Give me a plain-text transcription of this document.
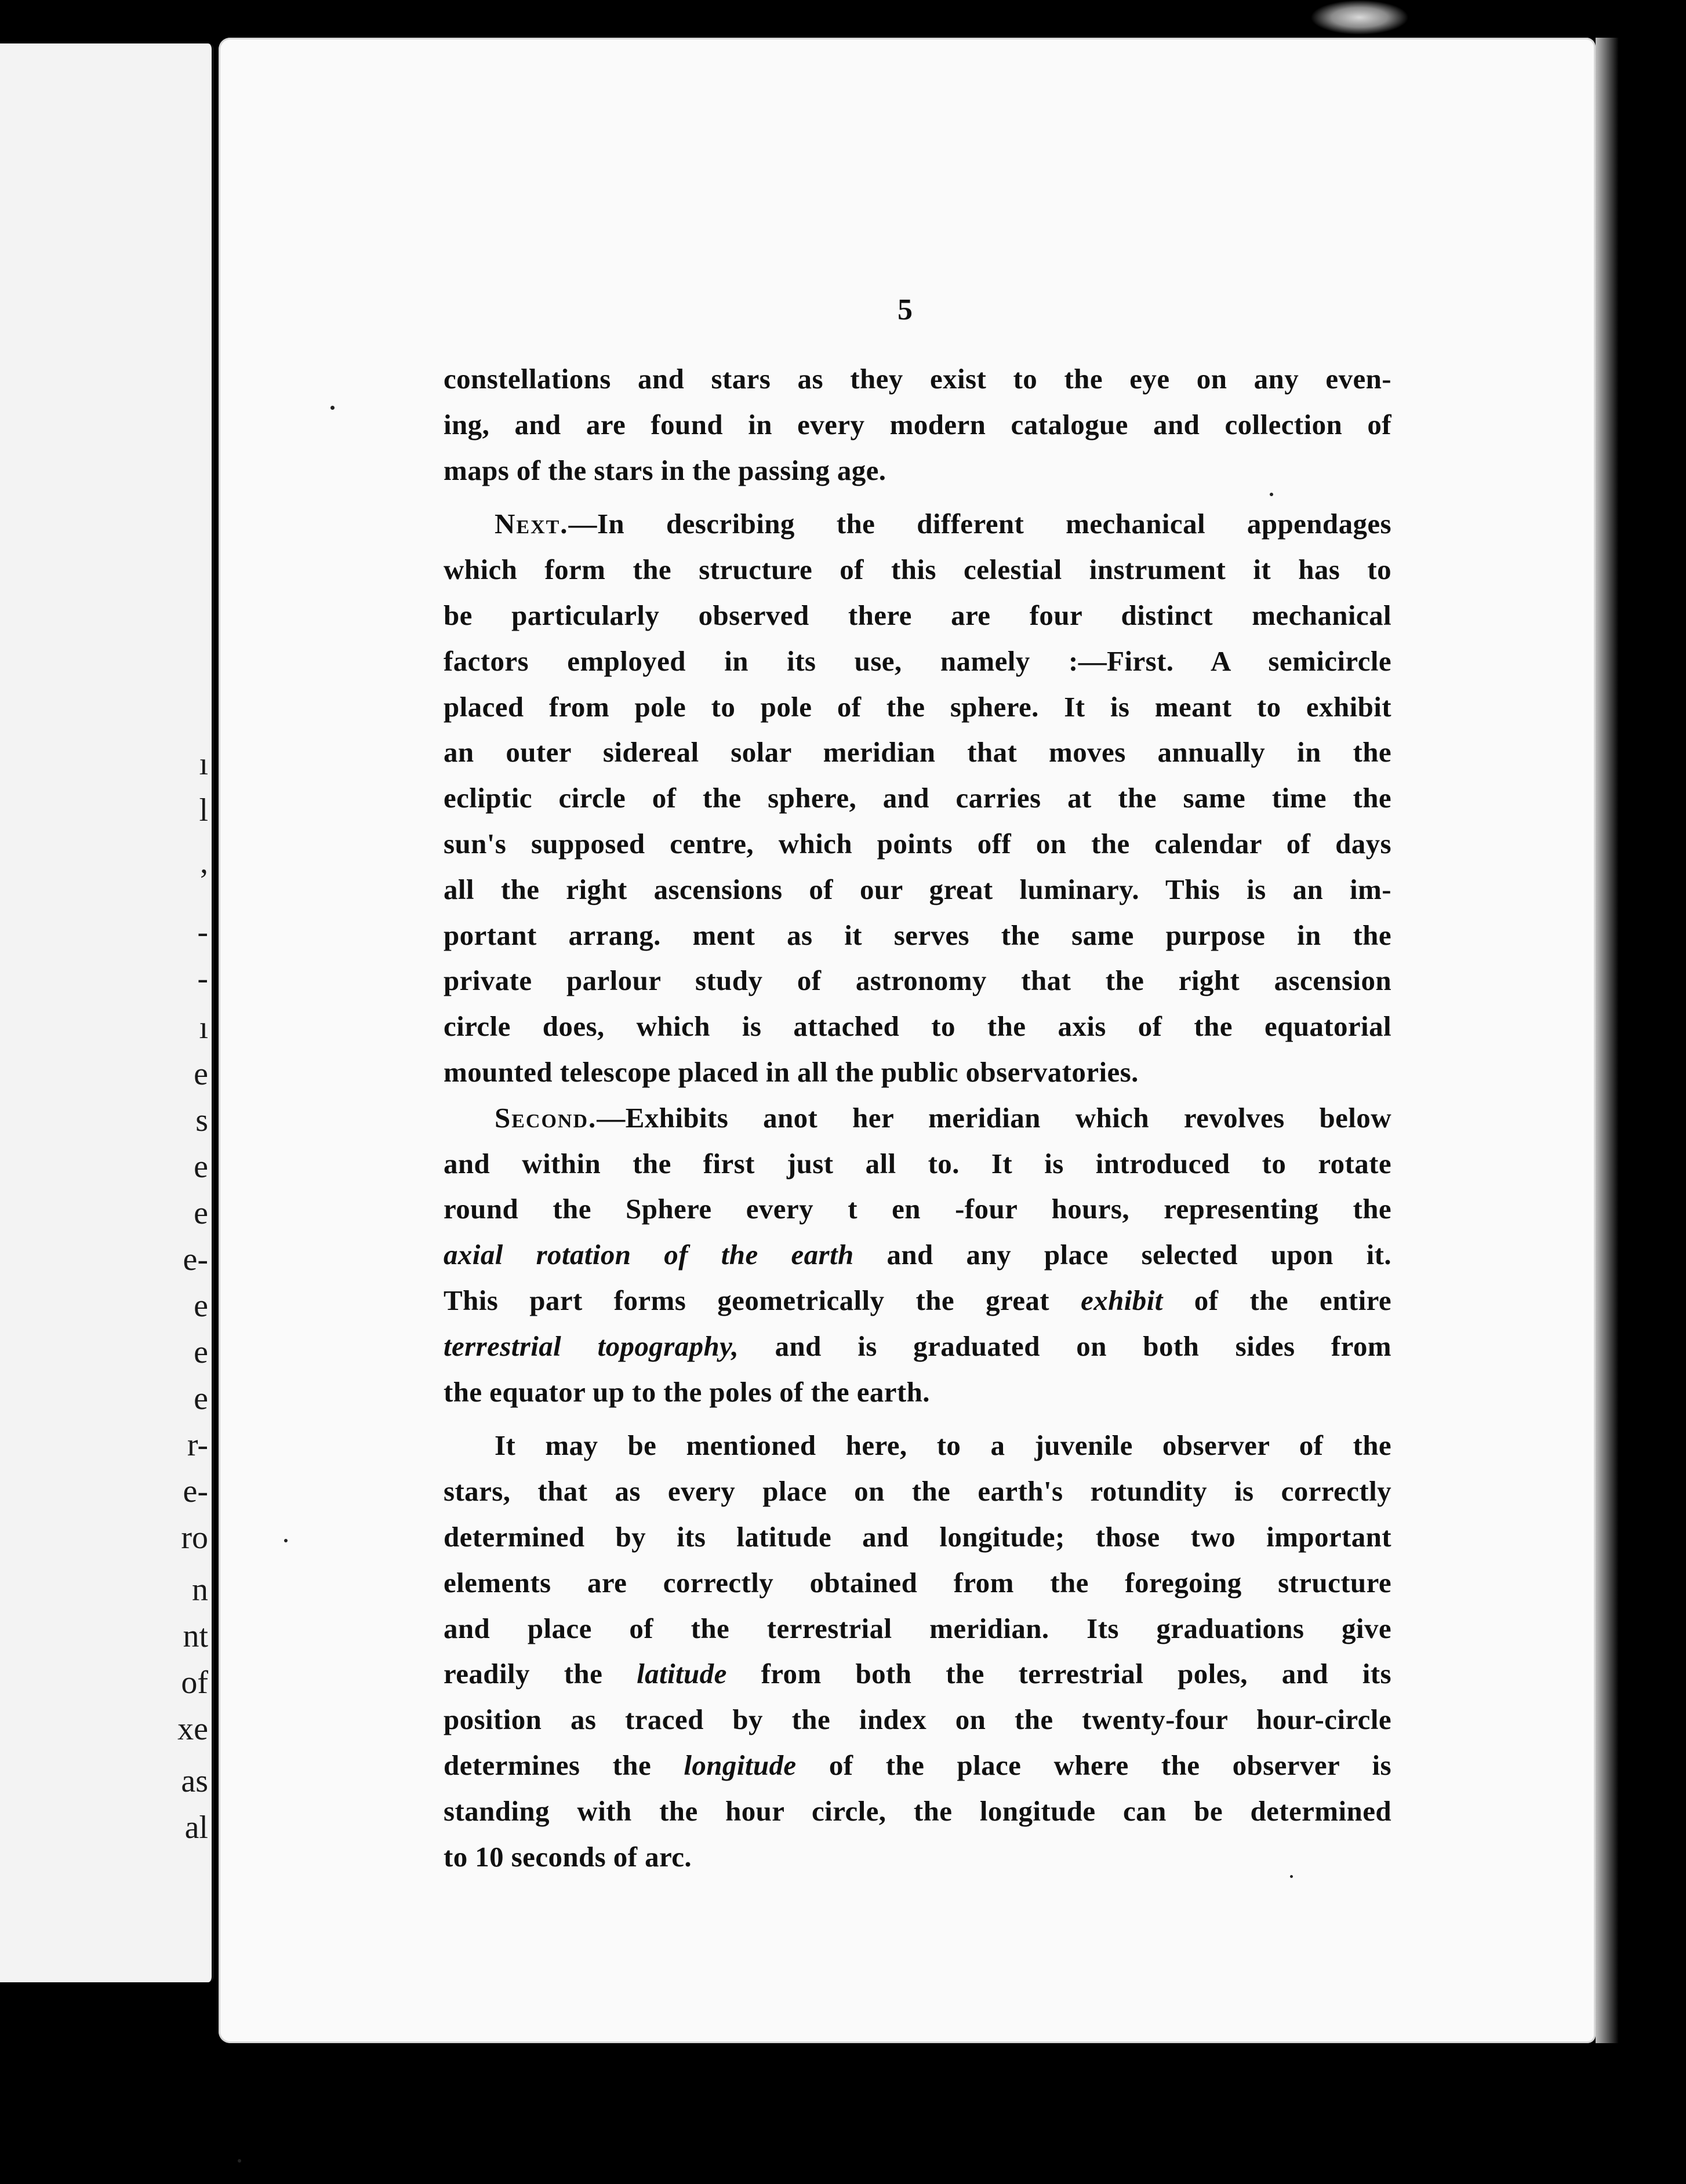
ı
l
,
-
-
ı
e
s
e
e
e-
e
e
e
r-
e-
ro
n
nt
of
xe
as
al
5

constellations and stars as they exist to the eye on any even-
ing, and are found in every modern catalogue and collection of
maps of the stars in the passing age.

Next.—In describing the different mechanical appendages
which form the structure of this celestial instrument it has to
be particularly observed there are four distinct mechanical
factors employed in its use, namely :—First. A semicircle
placed from pole to pole of the sphere. It is meant to exhibit
an outer sidereal solar meridian that moves annually in the
ecliptic circle of the sphere, and carries at the same time the
sun's supposed centre, which points off on the calendar of days
all the right ascensions of our great luminary. This is an im-
portant arrang. ment as it serves the same purpose in the
private parlour study of astronomy that the right ascension
circle does, which is attached to the axis of the equatorial
mounted telescope placed in all the public observatories.

Second.—Exhibits anot her meridian which revolves below
and within the first just all to. It is introduced to rotate
round the Sphere every t en -four hours, representing the
axial rotation of the earth and any place selected upon it.
This part forms geometrically the great exhibit of the entire
terrestrial topography, and is graduated on both sides from
the equator up to the poles of the earth.

It may be mentioned here, to a juvenile observer of the
stars, that as every place on the earth's rotundity is correctly
determined by its latitude and longitude; those two important
elements are correctly obtained from the foregoing structure
and place of the terrestrial meridian. Its graduations give
readily the latitude from both the terrestrial poles, and its
position as traced by the index on the twenty-four hour-circle
determines the longitude of the place where the observer is
standing with the hour circle, the longitude can be determined
to 10 seconds of arc.
